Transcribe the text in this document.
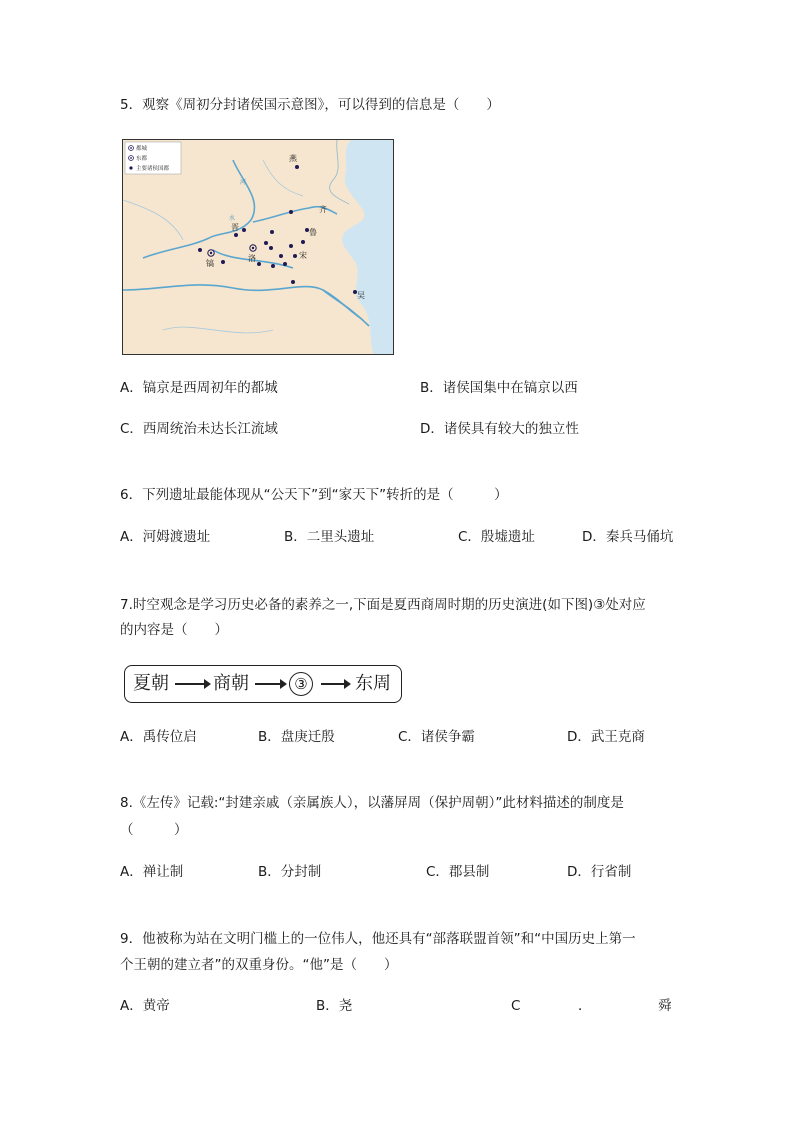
5．观察《周初分封诸侯国示意图》，可以得到的信息是（　　）
都城
东都
主要诸侯国都
河
水
燕
齐
晋
鲁
宋
洛
镐
吴
A．镐京是西周初年的都城	B．诸侯国集中在镐京以西
C．西周统治未达长江流域	D．诸侯具有较大的独立性
6．下列遗址最能体现从“公天下”到“家天下”转折的是（　　　）
A．河姆渡遗址	B．二里头遗址	C．殷墟遗址	D．秦兵马俑坑
7.时空观念是学习历史必备的素养之一,下面是夏西商周时期的历史演进(如下图)③处对应
的内容是（　　）
夏朝 商朝	③	东周
A．禹传位启	B．盘庚迁殷	C．诸侯争霸	D．武王克商
8.《左传》记载:“封建亲戚（亲属族人），以藩屏周（保护周朝）”此材料描述的制度是
（　　　）
A．禅让制	B．分封制	C．郡县制	D．行省制
9．他被称为站在文明门槛上的一位伟人，他还具有“部落联盟首领”和“中国历史上第一
个王朝的建立者”的双重身份。“他”是（　　）
A．黄帝	B．尧	C	．	舜
